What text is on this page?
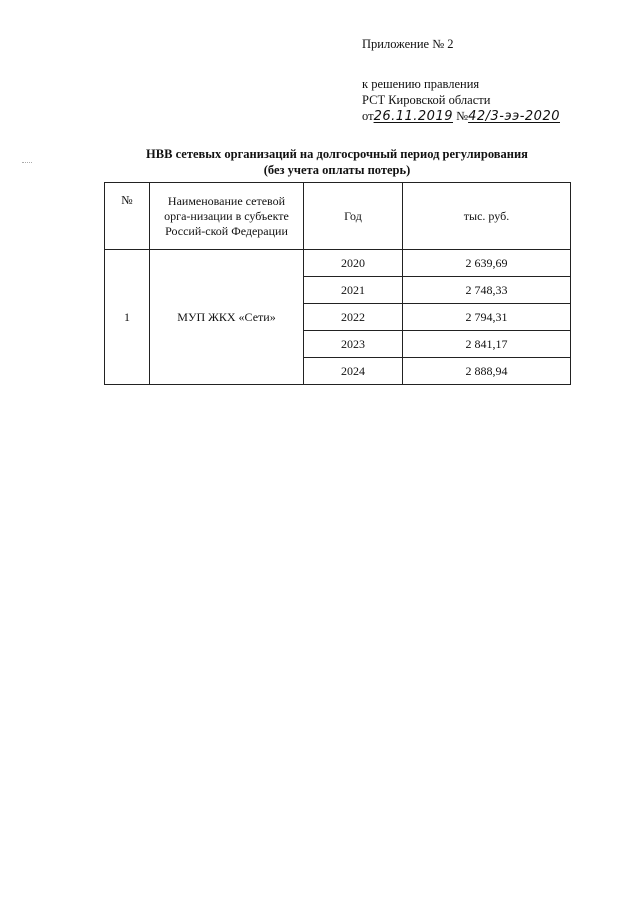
Приложение № 2
к решению правления
РСТ Кировской области
от26.11.2019 №42/3-ээ-2020
НВВ сетевых организаций на долгосрочный период регулирования
(без учета оплаты потерь)
№	Наименование сетевой орга-низации в субъекте Россий-ской Федерации	Год	тыс. руб.
1	МУП ЖКХ «Сети»	2020	2 639,69
		2021	2 748,33
		2022	2 794,31
		2023	2 841,17
		2024	2 888,94
